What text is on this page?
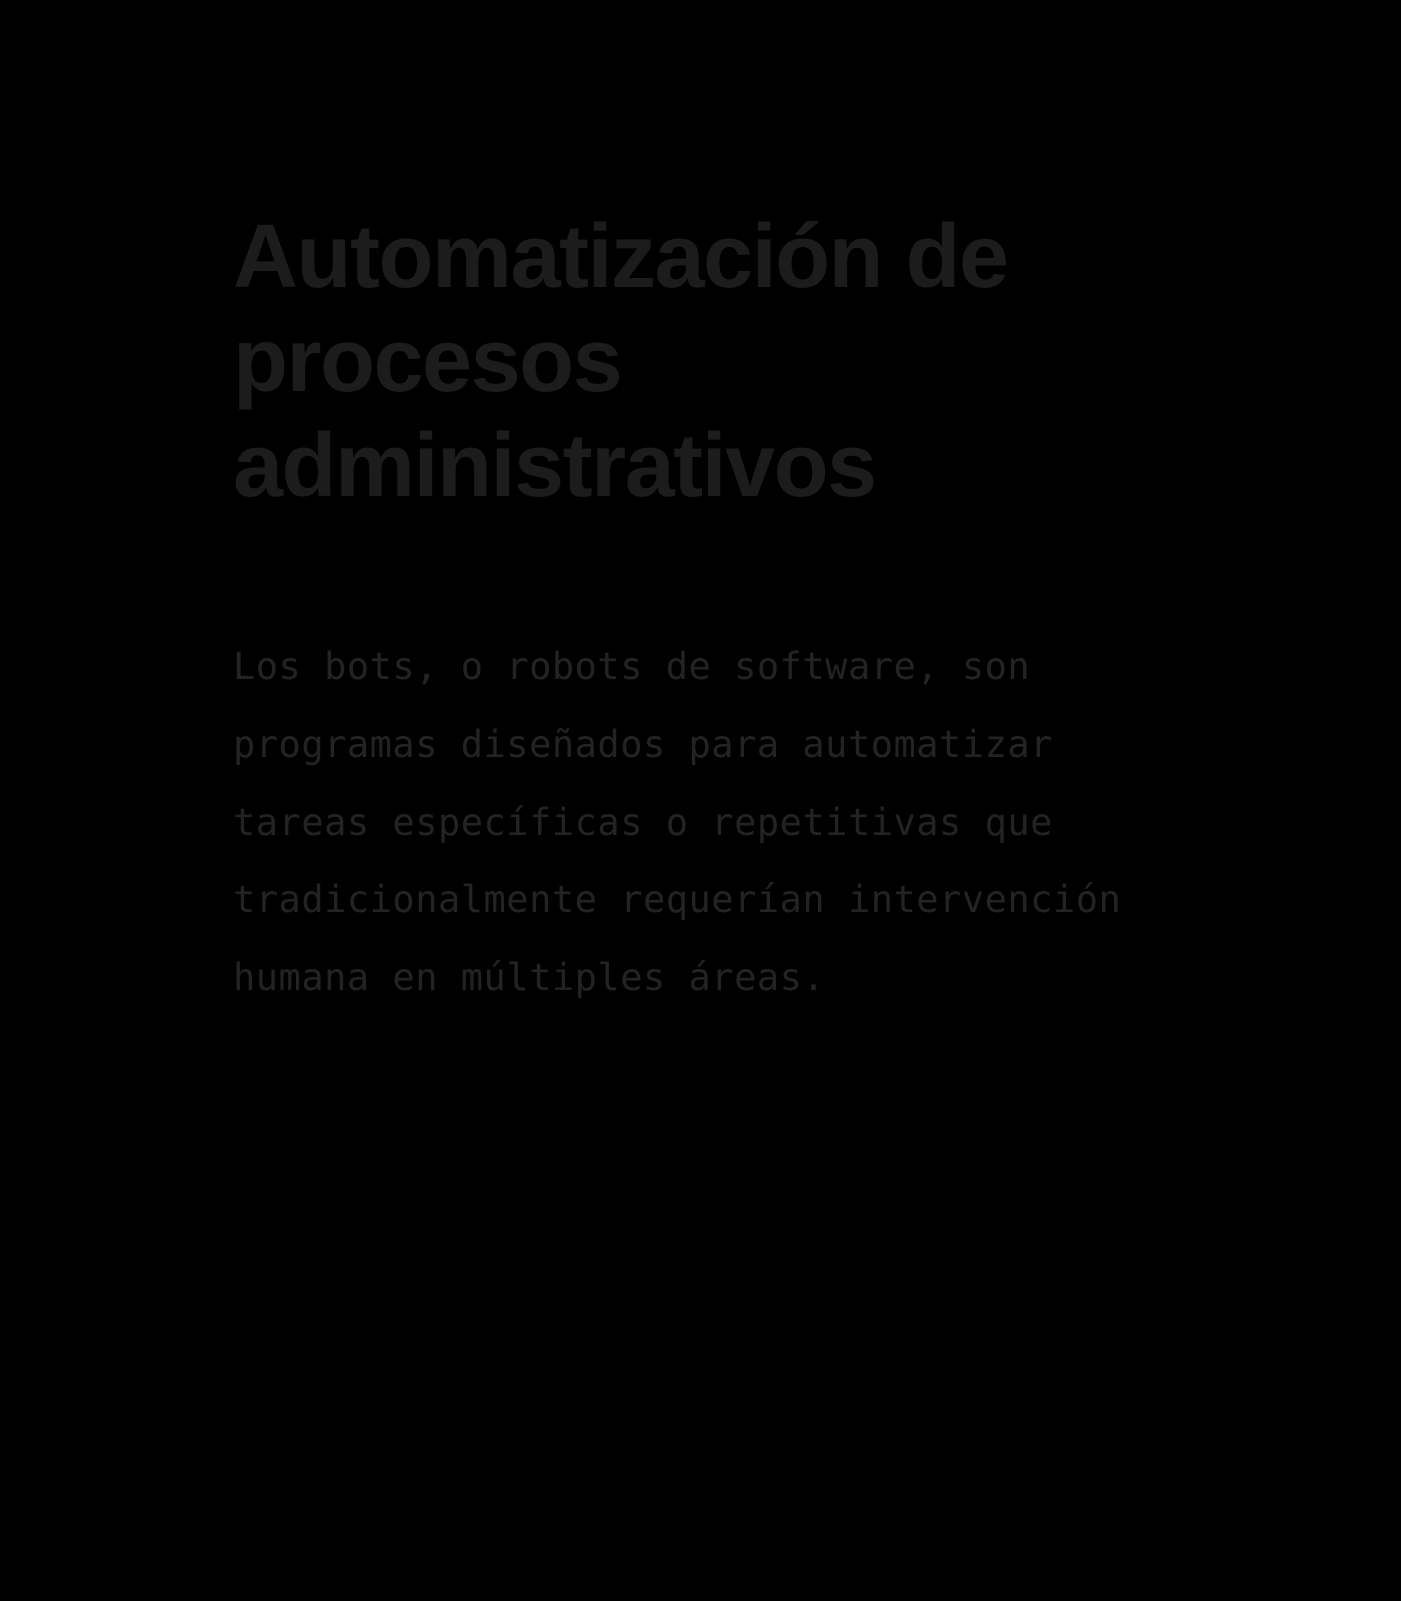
Automatización de procesos administrativos

Los bots, o robots de software, son programas diseñados para automatizar tareas específicas o repetitivas que tradicionalmente requerían intervención humana en múltiples áreas.
